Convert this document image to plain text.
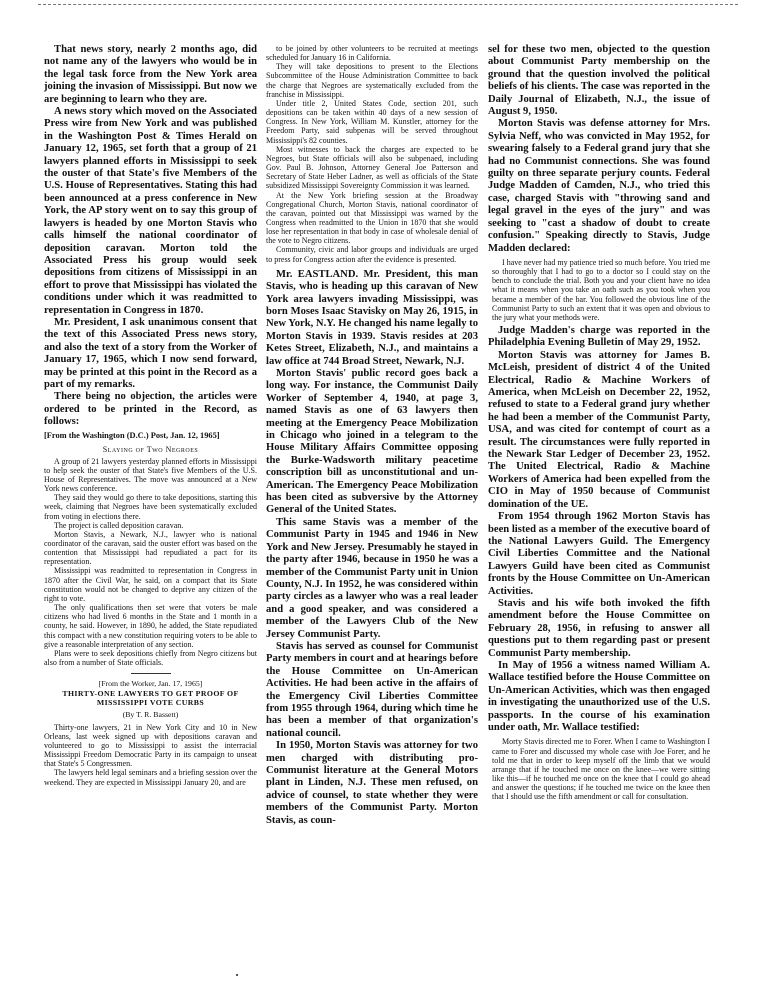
That news story, nearly 2 months ago, did not name any of the lawyers who would be in the legal task force from the New York area joining the invasion of Mississippi. But now we are beginning to learn who they are.

A news story which moved on the Associated Press wire from New York and was published in the Washington Post & Times Herald on January 12, 1965, set forth that a group of 21 lawyers planned efforts in Mississippi to seek the ouster of that State's five Members of the U.S. House of Representatives. Stating this had been announced at a press conference in New York, the AP story went on to say this group of lawyers is headed by one Morton Stavis who calls himself the national coordinator of deposition caravan. Morton told the Associated Press his group would seek depositions from citizens of Mississippi in an effort to prove that Mississippi has violated the conditions under which it was readmitted to representation in Congress in 1870.

Mr. President, I ask unanimous consent that the text of this Associated Press news story, and also the text of a story from the Worker of January 17, 1965, which I now send forward, may be printed at this point in the Record as a part of my remarks.

There being no objection, the articles were ordered to be printed in the Record, as follows:

[From the Washington (D.C.) Post, Jan. 12, 1965]

Slaying of Two Negroes

A group of 21 lawyers yesterday planned efforts in Mississippi to help seek the ouster of that State's five Members of the U.S. House of Representatives. The move was announced at a New York news conference.

They said they would go there to take depositions, starting this week, claiming that Negroes have been systematically excluded from voting in elections there.

The project is called deposition caravan.

Morton Stavis, a Newark, N.J., lawyer who is national coordinator of the caravan, said the ouster effort was based on the contention that Mississippi had repudiated a pact for its representation.

Mississippi was readmitted to representation in Congress in 1870 after the Civil War, he said, on a compact that its State constitution would not be changed to deprive any citizen of the right to vote.

The only qualifications then set were that voters be male citizens who had lived 6 months in the State and 1 month in a county, he said. However, in 1890, he added, the State repudiated this compact with a new constitution requiring voters to be able to give a reasonable interpretation of any section.

Plans were to seek depositions chiefly from Negro citizens but also from a number of State officials.

[From the Worker, Jan. 17, 1965]

THIRTY-ONE LAWYERS TO GET PROOF OF MISSISSIPPI VOTE CURBS

(By T. R. Bassett)

Thirty-one lawyers, 21 in New York City and 10 in New Orleans, last week signed up with depositions caravan and volunteered to go to Mississippi to assist the interracial Mississippi Freedom Democratic Party in its campaign to unseat that State's 5 Congressmen.

The lawyers held legal seminars and a briefing session over the weekend. They are expected in Mississippi January 20, and are

to be joined by other volunteers to be recruited at meetings scheduled for January 16 in California.

They will take depositions to present to the Elections Subcommittee of the House Administration Committee to back the charge that Negroes are systematically excluded from the franchise in Mississippi.

Under title 2, United States Code, section 201, such depositions can be taken within 40 days of a new session of Congress. In New York, William M. Kunstler, attorney for the Freedom Party, said subpenas will be served throughout Mississippi's 82 counties.

Most witnesses to back the charges are expected to be Negroes, but State officials will also be subpenaed, including Gov. Paul B. Johnson, Attorney General Joe Patterson and Secretary of State Heber Ladner, as well as officials of the State subsidized Mississippi Sovereignty Commission it was learned.

At the New York briefing session at the Broadway Congregational Church, Morton Stavis, national coordinator of the caravan, pointed out that Mississippi was warned by the Congress when readmitted to the Union in 1870 that she would lose her representation in that body in case of wholesale denial of the vote to Negro citizens.

Community, civic and labor groups and individuals are urged to press for Congress action after the evidence is presented.

Mr. EASTLAND. Mr. President, this man Stavis, who is heading up this caravan of New York area lawyers invading Mississippi, was born Moses Isaac Stavisky on May 26, 1915, in New York, N.Y. He changed his name legally to Morton Stavis in 1939. Stavis resides at 203 Ketes Street, Elizabeth, N.J., and maintains a law office at 744 Broad Street, Newark, N.J.

Morton Stavis' public record goes back a long way. For instance, the Communist Daily Worker of September 4, 1940, at page 3, named Stavis as one of 63 lawyers then meeting at the Emergency Peace Mobilization in Chicago who joined in a telegram to the House Military Affairs Committee opposing the Burke-Wadsworth military peacetime conscription bill as unconstitutional and un-American. The Emergency Peace Mobilization has been cited as subversive by the Attorney General of the United States.

This same Stavis was a member of the Communist Party in 1945 and 1946 in New York and New Jersey. Presumably he stayed in the party after 1946, because in 1950 he was a member of the Communist Party unit in Union County, N.J. In 1952, he was considered within party circles as a lawyer who was a real leader and a good speaker, and was considered a member of the Lawyers Club of the New Jersey Communist Party.

Stavis has served as counsel for Communist Party members in court and at hearings before the House Committee on Un-American Activities. He had been active in the affairs of the Emergency Civil Liberties Committee from 1955 through 1964, during which time he has been a member of that organization's national council.

In 1950, Morton Stavis was attorney for two men charged with distributing pro-Communist literature at the General Motors plant in Linden, N.J. These men refused, on advice of counsel, to state whether they were members of the Communist Party. Morton Stavis, as coun-

sel for these two men, objected to the question about Communist Party membership on the ground that the question involved the political beliefs of his clients. The case was reported in the Daily Journal of Elizabeth, N.J., the issue of August 9, 1950.

Morton Stavis was defense attorney for Mrs. Sylvia Neff, who was convicted in May 1952, for swearing falsely to a Federal grand jury that she had no Communist connections. She was found guilty on three separate perjury counts. Federal Judge Madden of Camden, N.J., who tried this case, charged Stavis with "throwing sand and legal gravel in the eyes of the jury" and was seeking to "cast a shadow of doubt to create confusion." Speaking directly to Stavis, Judge Madden declared:

I have never had my patience tried so much before. You tried me so thoroughly that I had to go to a doctor so I could stay on the bench to conclude the trial. Both you and your client have no idea what it means when you take an oath such as you took when you became a member of the bar. You followed the obvious line of the Communist Party to such an extent that it was open and obvious to the jury what your methods were.

Judge Madden's charge was reported in the Philadelphia Evening Bulletin of May 29, 1952.

Morton Stavis was attorney for James B. McLeish, president of district 4 of the United Electrical, Radio & Machine Workers of America, when McLeish on December 22, 1952, refused to state to a Federal grand jury whether he had been a member of the Communist Party, USA, and was cited for contempt of court as a result. The circumstances were fully reported in the Newark Star Ledger of December 23, 1952. The United Electrical, Radio & Machine Workers of America had been expelled from the CIO in May of 1950 because of Communist domination of the UE.

From 1954 through 1962 Morton Stavis has been listed as a member of the executive board of the National Lawyers Guild. The Emergency Civil Liberties Committee and the National Lawyers Guild have been cited as Communist fronts by the House Committee on Un-American Activities.

Stavis and his wife both invoked the fifth amendment before the House Committee on February 28, 1956, in refusing to answer all questions put to them regarding past or present Communist Party membership.

In May of 1956 a witness named William A. Wallace testified before the House Committee on Un-American Activities, which was then engaged in investigating the unauthorized use of the U.S. passports. In the course of his examination under oath, Mr. Wallace testified:

Morty Stavis directed me to Forer. When I came to Washington I came to Forer and discussed my whole case with Joe Forer, and he told me that in order to keep myself off the limb that we would arrange that if he touched me once on the knee—we were sitting like this—if he touched me once on the knee that I could go ahead and answer the questions; if he touched me twice on the knee then that I should use the fifth amendment or call for consultation.
